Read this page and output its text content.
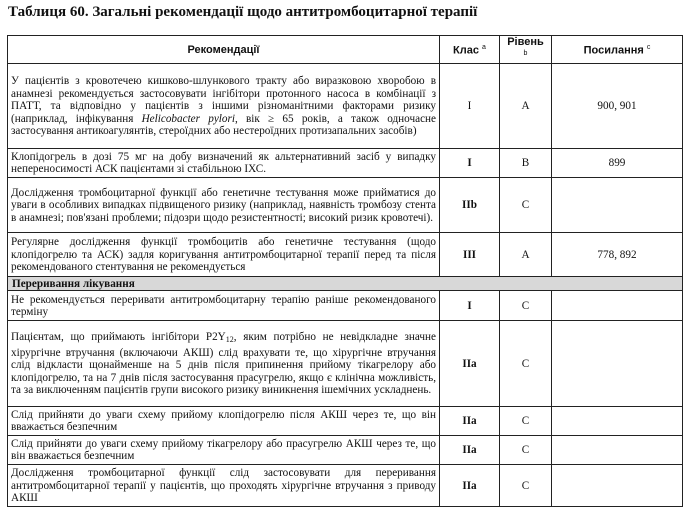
Таблиця 60. Загальні рекомендації щодо антитромбоцитарної терапії
Рекомендації	Клас $^a$	Рівень $^b$	Посилання $^c$
У пацієнтів з кровотечею кишково-шлункового тракту або виразковою хворобою в анамнезі рекомендується застосовувати інгібітори протонного насоса в комбінації з ПАТТ, та відповідно у пацієнтів з іншими різноманітними факторами ризику (наприклад, інфікування Helicobacter pylori, вік ≥ 65 років, а також одночасне застосування антикоагулянтів, стероїдних або нестероїдних протизапальних засобів)	I	A	900, 901
Клопідогрель в дозі 75 мг на добу визначений як альтернативний засіб у випадку непереносимості АСК пацієнтами зі стабільною ІХС.	I	B	899
Дослідження тромбоцитарної функції або генетичне тестування може прийматися до уваги в особливих випадках підвищеного ризику (наприклад, наявність тромбозу стента в анамнезі; пов'язані проблеми; підозри щодо резистентності; високий ризик кровотечі).	IIb	C	
Регулярне дослідження функції тромбоцитів або генетичне тестування (щодо клопідогрелю та АСК) задля коригування антитромбоцитарної терапії перед та після рекомендованого стентування не рекомендується	III	A	778, 892
Переривання лікування			
Не рекомендується переривати антитромбоцитарну терапію раніше рекомендованого терміну	I	C	
Пацієнтам, що приймають інгібітори $P2Y_{12}$, яким потрібно не невідкладне значне хірургічне втручання (включаючи АКШ) слід врахувати те, що хірургічне втручання слід відкласти щонайменше на 5 днів після припинення прийому тікагрелору або клопідогрелю, та на 7 днів після застосування прасугрелю, якщо є клінічна можливість, та за виключенням пацієнтів групи високого ризику виникнення ішемічних ускладнень.	IIa	C	
Слід прийняти до уваги схему прийому клопідогрелю після АКШ через те, що він вважається безпечним	IIa	C	
Слід прийняти до уваги схему прийому тікагрелору або прасугрелю АКШ через те, що він вважається безпечним	IIa	C	
Дослідження тромбоцитарної функції слід застосовувати для переривання антитромбоцитарної терапії у пацієнтів, що проходять хірургічне втручання з приводу АКШ	IIa	C	
